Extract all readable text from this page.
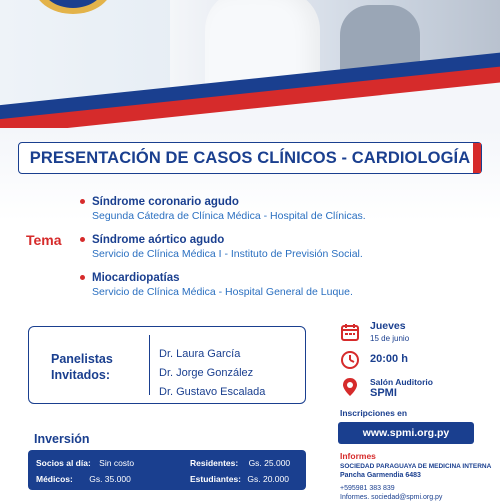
PRESENTACIÓN DE CASOS CLÍNICOS - CARDIOLOGÍA
Tema
Síndrome coronario agudo
Segunda Cátedra de Clínica Médica - Hospital de Clínicas.
Síndrome aórtico agudo
Servicio de Clínica Médica I - Instituto de Previsión Social.
Miocardiopatías
Servicio de Clínica Médica - Hospital General de Luque.
Panelistas
Invitados:
Dr. Laura García
Dr. Jorge González
Dr. Gustavo Escalada
Inversión
Socios al día: Sin costo
Médicos: Gs. 35.000
Residentes: Gs. 25.000
Estudiantes: Gs. 20.000
Jueves
15 de junio
20:00 h
Salón Auditorio
SPMI
Inscripciones en
www.spmi.org.py
Informes
SOCIEDAD PARAGUAYA DE MEDICINA INTERNA
Pancha Garmendia 6483
+595981 383 839
Informes. sociedad@spmi.org.py
